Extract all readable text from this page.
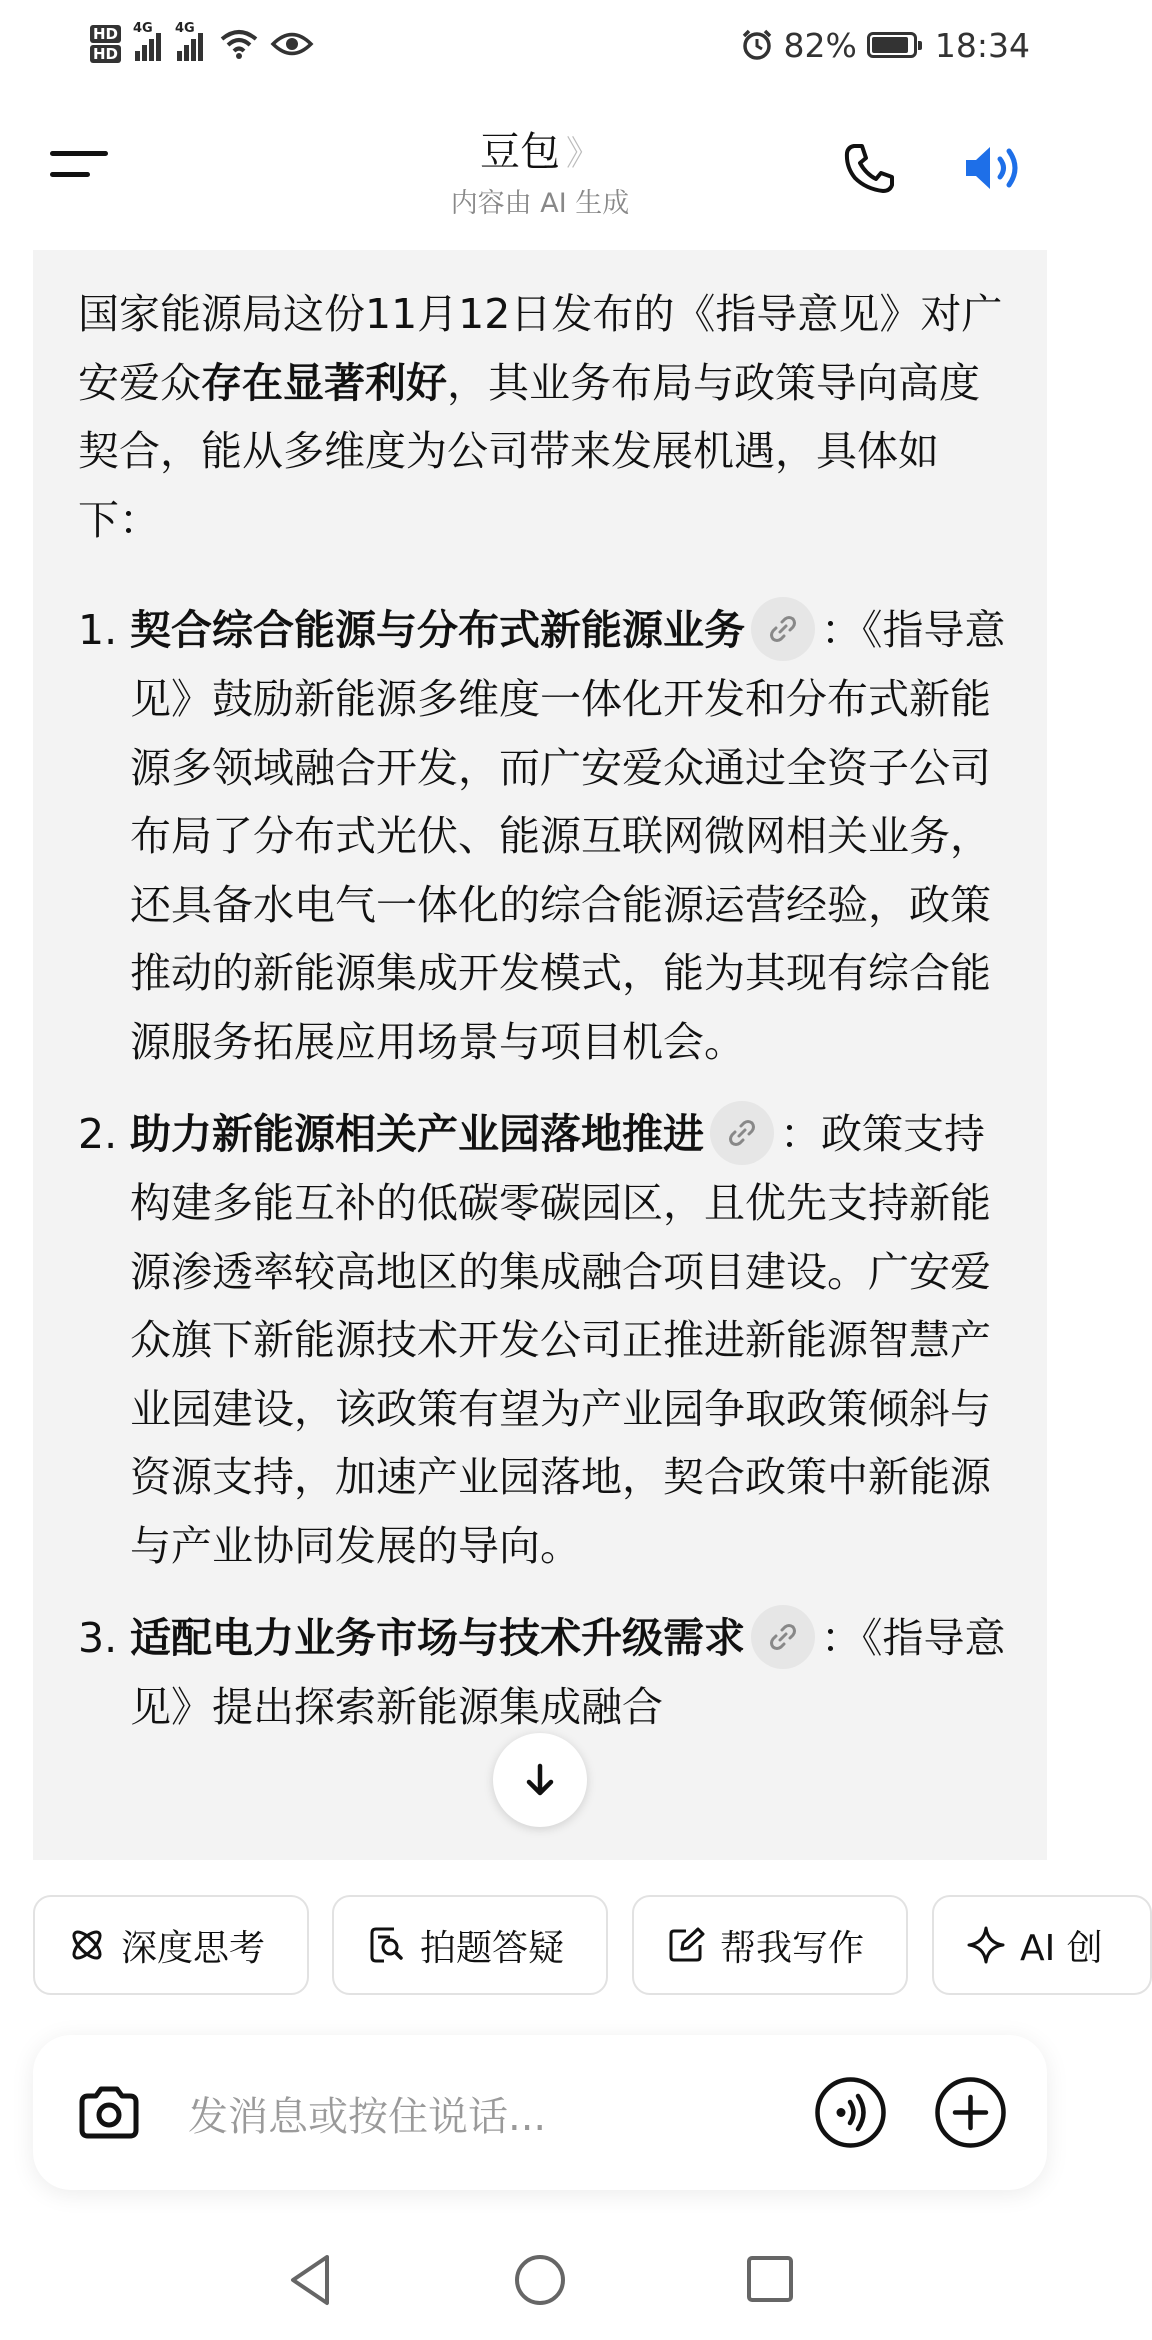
HD
HD
4G 4G	82% 18:34
豆包 》
内容由 AI 生成

国家能源局这份11月12日发布的《指导意见》对广安爱众存在显著利好，其业务布局与政策导向高度契合，能从多维度为公司带来发展机遇，具体如下：

1. 契合综合能源与分布式新能源业务 ：《指导意见》鼓励新能源多维度一体化开发和分布式新能源多领域融合开发，而广安爱众通过全资子公司布局了分布式光伏、能源互联网微网相关业务，还具备水电气一体化的综合能源运营经验，政策推动的新能源集成开发模式，能为其现有综合能源服务拓展应用场景与项目机会。
2. 助力新能源相关产业园落地推进 ：政策支持构建多能互补的低碳零碳园区，且优先支持新能源渗透率较高地区的集成融合项目建设。广安爱众旗下新能源技术开发公司正推进新能源智慧产业园建设，该政策有望为产业园争取政策倾斜与资源支持，加速产业园落地，契合政策中新能源与产业协同发展的导向。
3. 适配电力业务市场与技术升级需求 ：《指导意见》提出探索新能源集成融合
深度思考	拍题答疑	帮我写作	AI 创
发消息或按住说话...
